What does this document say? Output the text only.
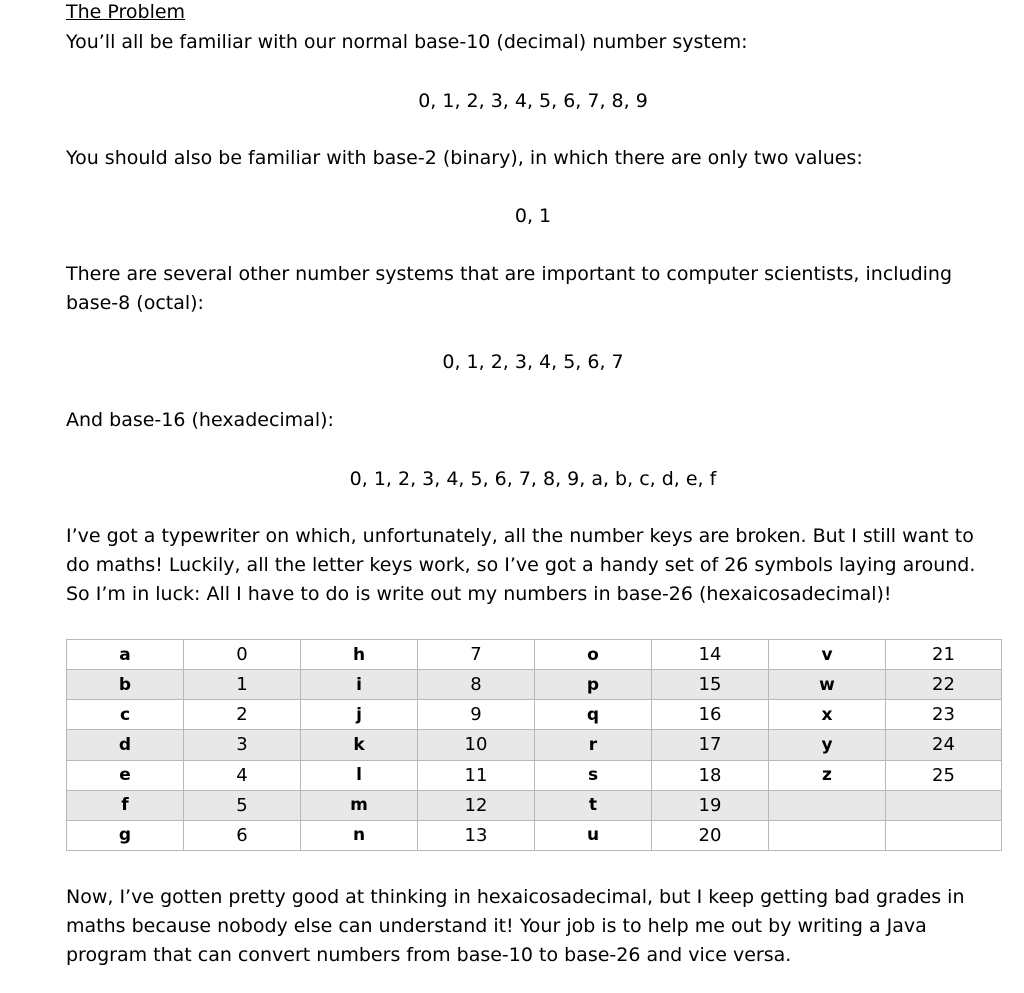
The Problem
You’ll all be familiar with our normal base-10 (decimal) number system:
0, 1, 2, 3, 4, 5, 6, 7, 8, 9
You should also be familiar with base-2 (binary), in which there are only two values:
0, 1
There are several other number systems that are important to computer scientists, including
base-8 (octal):
0, 1, 2, 3, 4, 5, 6, 7
And base-16 (hexadecimal):
0, 1, 2, 3, 4, 5, 6, 7, 8, 9, a, b, c, d, e, f
I’ve got a typewriter on which, unfortunately, all the number keys are broken. But I still want to
do maths! Luckily, all the letter keys work, so I’ve got a handy set of 26 symbols laying around.
So I’m in luck: All I have to do is write out my numbers in base-26 (hexaicosadecimal)!
a	0	h	7	o	14	v	21
b	1	i	8	p	15	w	22
c	2	j	9	q	16	x	23
d	3	k	10	r	17	y	24
e	4	l	11	s	18	z	25
f	5	m	12	t	19		
g	6	n	13	u	20		
Now, I’ve gotten pretty good at thinking in hexaicosadecimal, but I keep getting bad grades in
maths because nobody else can understand it! Your job is to help me out by writing a Java
program that can convert numbers from base-10 to base-26 and vice versa.
